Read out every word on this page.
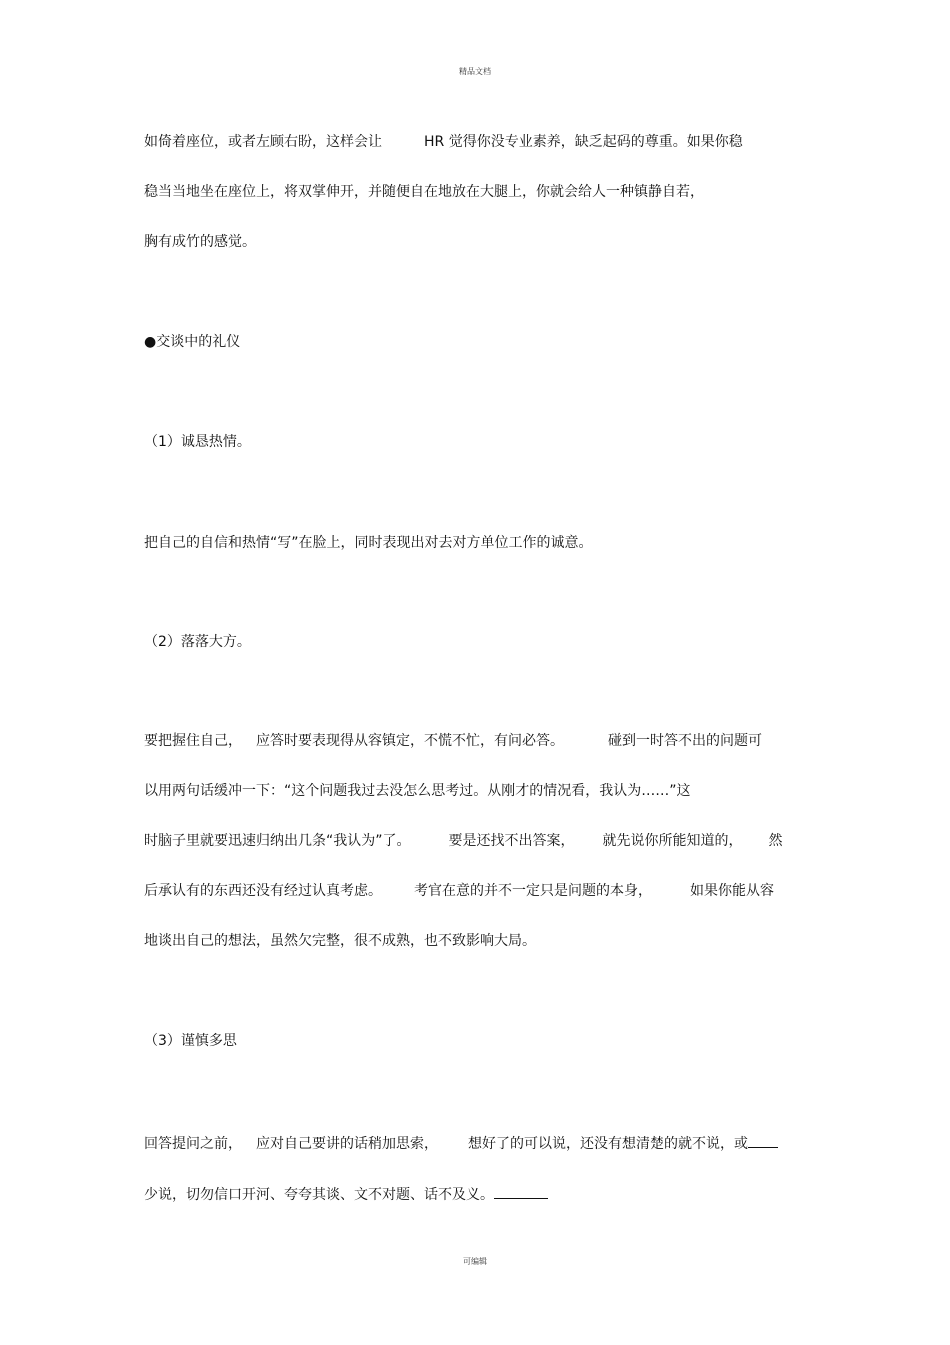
精品文档
如倚着座位，或者左顾右盼，这样会让	HR 觉得你没专业素养，缺乏起码的尊重。如果你稳
稳当当地坐在座位上，将双掌伸开，并随便自在地放在大腿上，你就会给人一种镇静自若，
胸有成竹的感觉。
●交谈中的礼仪
（1）诚恳热情。
把自己的自信和热情“写”在脸上，同时表现出对去对方单位工作的诚意。
（2）落落大方。
要把握住自己， 应答时要表现得从容镇定，不慌不忙，有问必答。	碰到一时答不出的问题可
以用两句话缓冲一下：“这个问题我过去没怎么思考过。从刚才的情况看，我认为……”这
时脑子里就要迅速归纳出几条“我认为”了。	要是还找不出答案， 就先说你所能知道的， 然
后承认有的东西还没有经过认真考虑。 考官在意的并不一定只是问题的本身，	如果你能从容
地谈出自己的想法，虽然欠完整，很不成熟，也不致影响大局。
（3）谨慎多思
回答提问之前， 应对自己要讲的话稍加思索， 想好了的可以说，还没有想清楚的就不说，或
少说，切勿信口开河、夸夸其谈、文不对题、话不及义。
可编辑
